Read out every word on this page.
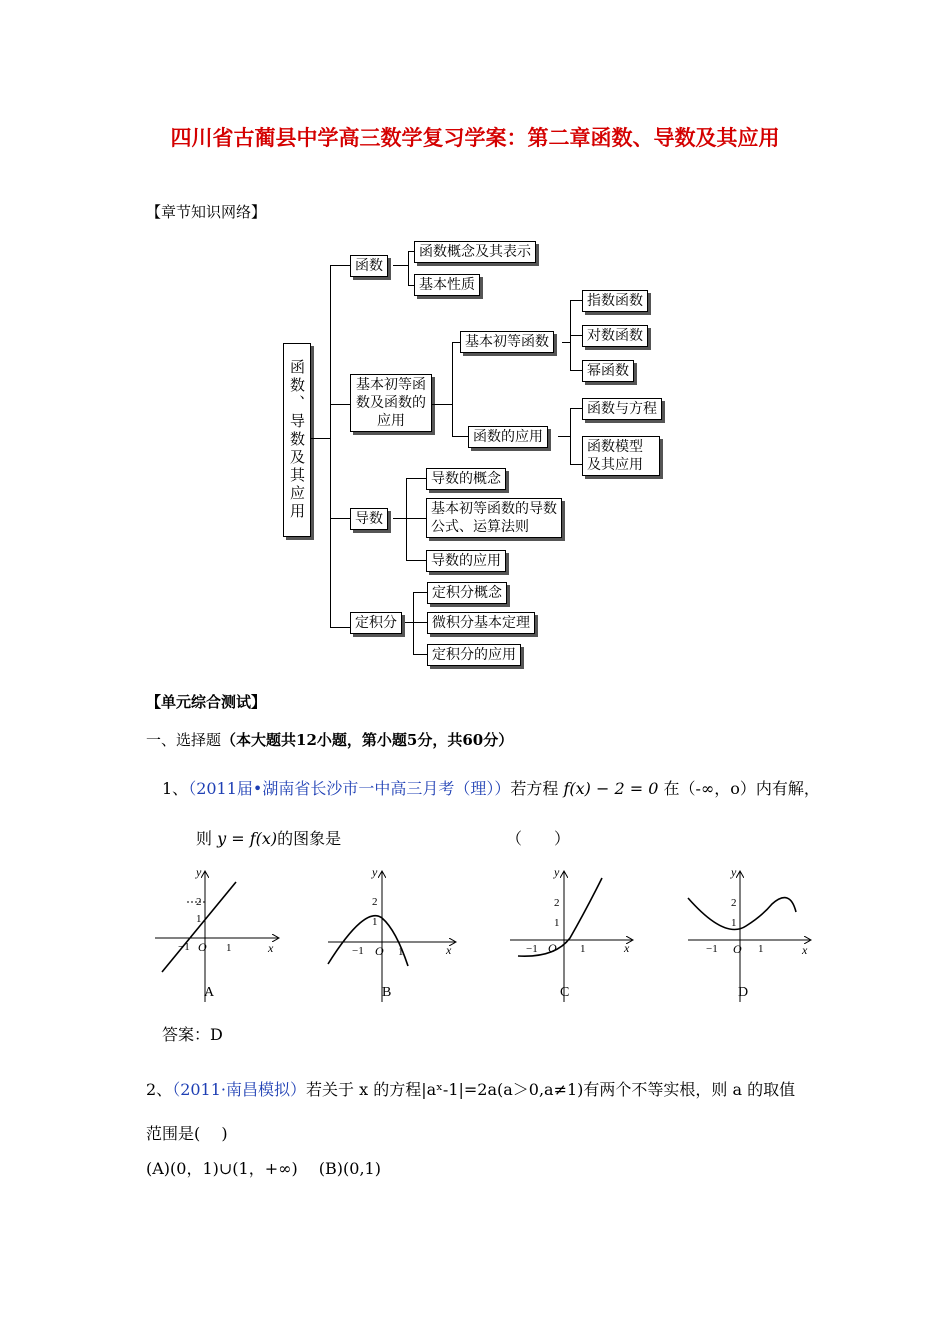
四川省古蔺县中学高三数学复习学案：第二章函数、导数及其应用
【章节知识网络】
函数、导数及其应用
函数
函数概念及其表示
基本性质
基本初等函数及函数的应用
基本初等函数
指数函数
对数函数
幂函数
函数的应用
函数与方程
函数模型及其应用
导数
导数的概念
基本初等函数的导数公式、运算法则
导数的应用
定积分
定积分概念
微积分基本定理
定积分的应用
【单元综合测试】
一、选择题（本大题共12小题，第小题5分，共60分）
1、（2011届•湖南省长沙市一中高三月考（理））若方程 f(x) − 2 = 0 在（-∞，o）内有解，
则 y = f(x)的图象是	（　　）
−1 O 1
1
2
y
x
A
−1 O 1
1
2
y
x
B
−1 O 1
1
2
y
x
C
−1 O 1
1
2
y
x
D
答案：D
2、（2011·南昌模拟）若关于 x 的方程|aˣ-1|=2a(a＞0,a≠1)有两个不等实根，则 a 的取值
范围是(　 )
(A)(0，1)∪(1，+∞)　 (B)(0,1)
